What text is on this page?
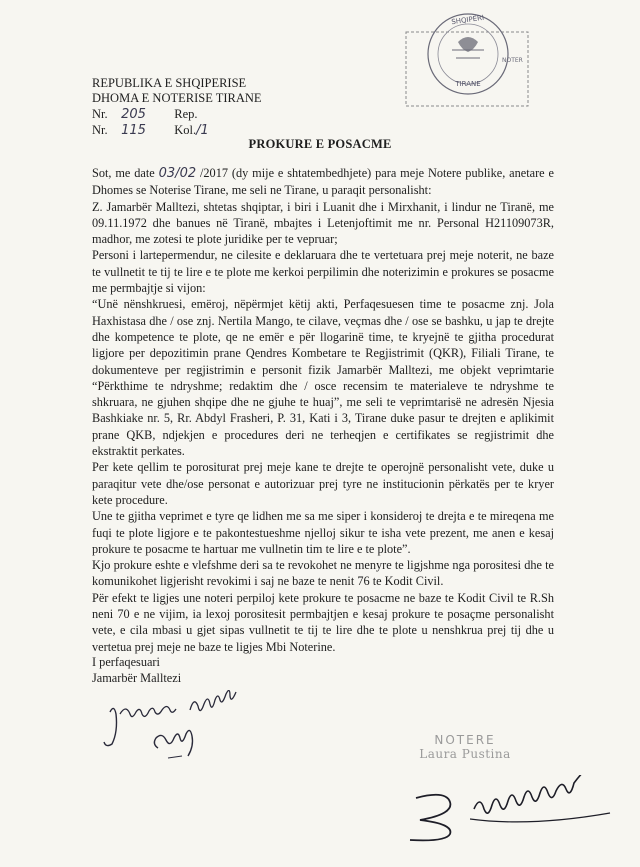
SHQIPERI
TIRANE
NOTER
REPUBLIKA E SHQIPERISE
DHOMA E NOTERISE TIRANE
Nr. 205 Rep.
Nr. 115 Kol./1
PROKURE E POSACME

Sot, me date 03/02 /2017 (dy mije e shtatembedhjete) para meje Notere publike, anetare e Dhomes se Noterise Tirane, me seli ne Tirane, u paraqit personalisht:

Z. Jamarbër Malltezi, shtetas shqiptar, i biri i Luanit dhe i Mirxhanit, i lindur ne Tiranë, me 09.11.1972 dhe banues në Tiranë, mbajtes i Letenjoftimit me nr. Personal H21109073R, madhor, me zotesi te plote juridike per te vepruar;

Personi i lartepermendur, ne cilesite e deklaruara dhe te vertetuara prej meje noterit, ne baze te vullnetit te tij te lire e te plote me kerkoi perpilimin dhe noterizimin e prokures se posacme me permbajtje si vijon:

“Unë nënshkruesi, emëroj, nëpërmjet këtij akti, Perfaqesuesen time te posacme znj. Jola Haxhistasa dhe / ose znj. Nertila Mango, te cilave, veçmas dhe / ose se bashku, u jap te drejte dhe kompetence te plote, qe ne emër e për llogarinë time, te kryejnë te gjitha procedurat ligjore per depozitimin prane Qendres Kombetare te Regjistrimit (QKR), Filiali Tirane, te dokumenteve per regjistrimin e personit fizik Jamarbër Malltezi, me objekt veprimtarie “Përkthime te ndryshme; redaktim dhe / osce recensim te materialeve te ndryshme te shkruara, ne gjuhen shqipe dhe ne gjuhe te huaj”, me seli te veprimtarisë ne adresën Njesia Bashkiake nr. 5, Rr. Abdyl Frasheri, P. 31, Kati i 3, Tirane duke pasur te drejten e aplikimit prane QKB, ndjekjen e procedures deri ne terheqjen e certifikates se regjistrimit dhe ekstraktit perkates.

Per kete qellim te porositurat prej meje kane te drejte te operojnë personalisht vete, duke u paraqitur vete dhe/ose personat e autorizuar prej tyre ne institucionin përkatës per te kryer kete procedure.

Une te gjitha veprimet e tyre qe lidhen me sa me siper i konsideroj te drejta e te mireqena me fuqi te plote ligjore e te pakontestueshme njelloj sikur te isha vete prezent, me anen e kesaj prokure te posacme te hartuar me vullnetin tim te lire e te plote”.

Kjo prokure eshte e vlefshme deri sa te revokohet ne menyre te ligjshme nga porositesi dhe te komunikohet ligjerisht revokimi i saj ne baze te nenit 76 te Kodit Civil.

Për efekt te ligjes une noteri perpiloj kete prokure te posacme ne baze te Kodit Civil te R.Sh neni 70 e ne vijim, ia lexoj porositesit permbajtjen e kesaj prokure te posaçme personalisht vete, e cila mbasi u gjet sipas vullnetit te tij te lire dhe te plote u nenshkrua prej tij dhe u vertetua prej meje ne baze te ligjes Mbi Noterine.

I perfaqesuari
Jamarbër Malltezi
NOTERE
Laura Pustina
